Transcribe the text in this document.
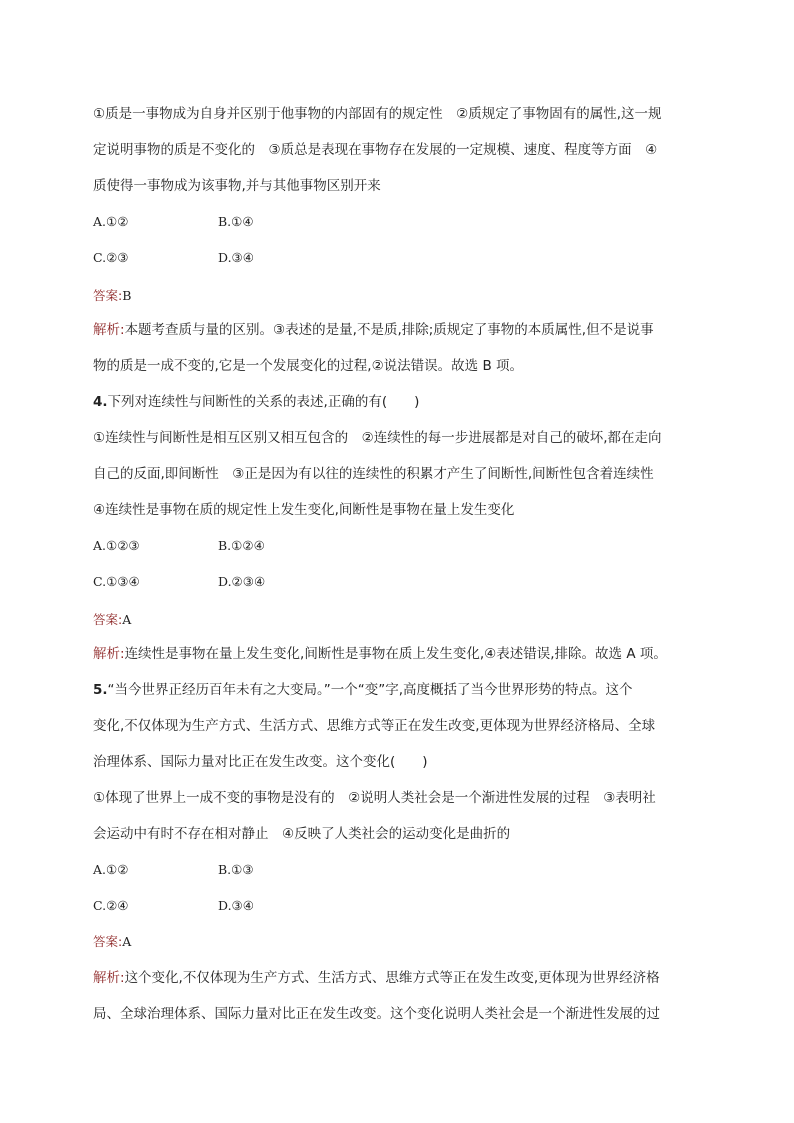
①质是一事物成为自身并区别于他事物的内部固有的规定性　②质规定了事物固有的属性,这一规
定说明事物的质是不变化的　③质总是表现在事物存在发展的一定规模、速度、程度等方面　④
质使得一事物成为该事物,并与其他事物区别开来
A.①②	B.①④
C.②③	D.③④
答案:B
解析:本题考查质与量的区别。③表述的是量,不是质,排除;质规定了事物的本质属性,但不是说事
物的质是一成不变的,它是一个发展变化的过程,②说法错误。故选 B 项。
4.下列对连续性与间断性的关系的表述,正确的有(　　)
①连续性与间断性是相互区别又相互包含的　②连续性的每一步进展都是对自己的破坏,都在走向
自己的反面,即间断性　③正是因为有以往的连续性的积累才产生了间断性,间断性包含着连续性
④连续性是事物在质的规定性上发生变化,间断性是事物在量上发生变化
A.①②③	B.①②④
C.①③④	D.②③④
答案:A
解析:连续性是事物在量上发生变化,间断性是事物在质上发生变化,④表述错误,排除。故选 A 项。
5.“当今世界正经历百年未有之大变局。”一个“变”字,高度概括了当今世界形势的特点。这个
变化,不仅体现为生产方式、生活方式、思维方式等正在发生改变,更体现为世界经济格局、全球
治理体系、国际力量对比正在发生改变。这个变化(　　)
①体现了世界上一成不变的事物是没有的　②说明人类社会是一个渐进性发展的过程　③表明社
会运动中有时不存在相对静止　④反映了人类社会的运动变化是曲折的
A.①②	B.①③
C.②④	D.③④
答案:A
解析:这个变化,不仅体现为生产方式、生活方式、思维方式等正在发生改变,更体现为世界经济格
局、全球治理体系、国际力量对比正在发生改变。这个变化说明人类社会是一个渐进性发展的过
